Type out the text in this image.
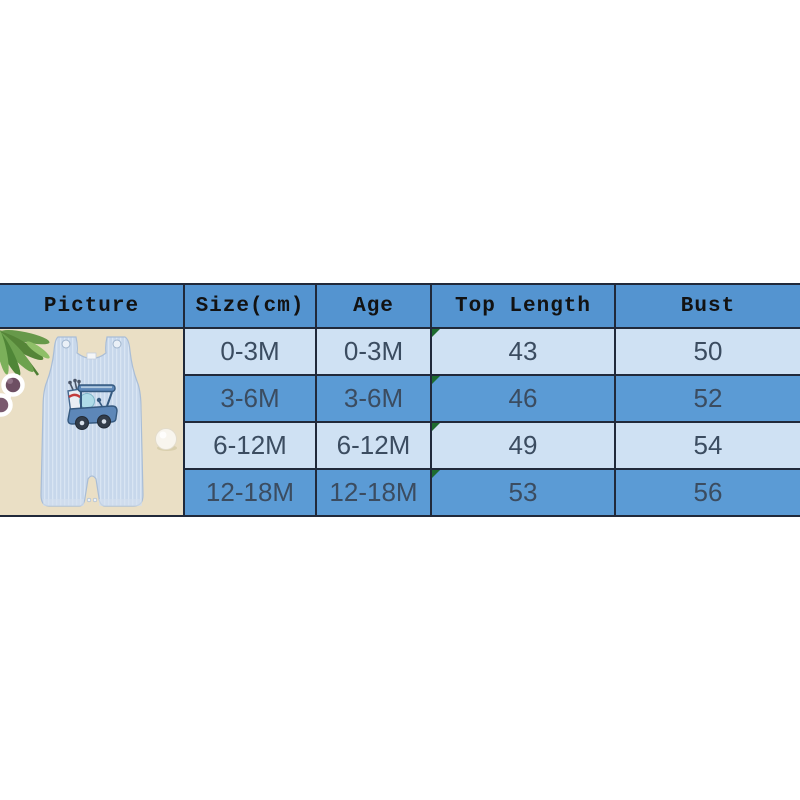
Picture	Size(cm)	Age	Top Length	Bust

	0-3M	0-3M	43	50
	3-6M	3-6M	46	52
	6-12M	6-12M	49	54
	12-18M	12-18M	53	56
